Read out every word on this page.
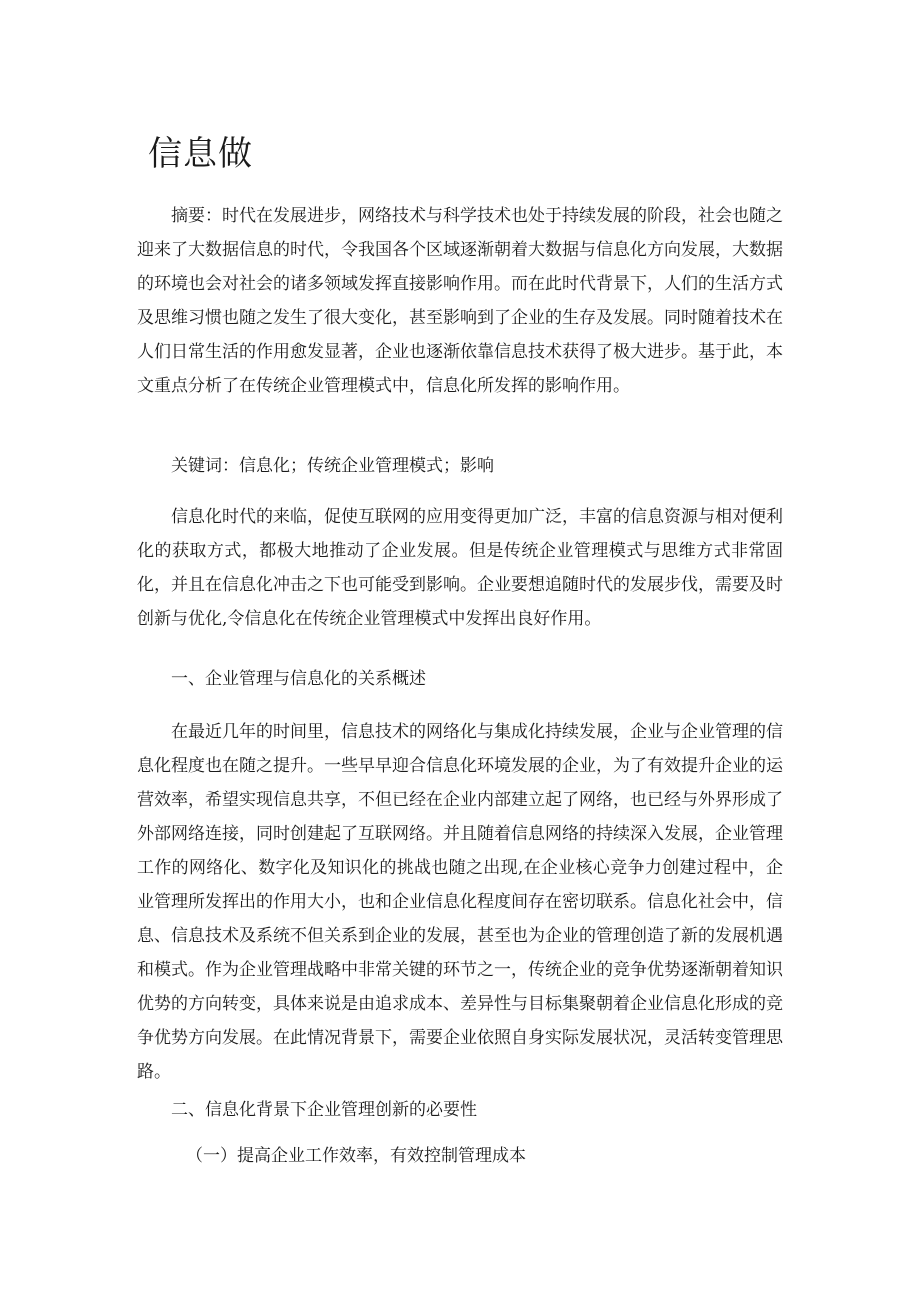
信息做

摘要：时代在发展进步，网络技术与科学技术也处于持续发展的阶段，社会也随之迎来了大数据信息的时代，令我国各个区域逐渐朝着大数据与信息化方向发展，大数据的环境也会对社会的诸多领域发挥直接影响作用。而在此时代背景下，人们的生活方式及思维习惯也随之发生了很大变化，甚至影响到了企业的生存及发展。同时随着技术在人们日常生活的作用愈发显著，企业也逐渐依靠信息技术获得了极大进步。基于此，本文重点分析了在传统企业管理模式中，信息化所发挥的影响作用。

关键词：信息化；传统企业管理模式；影响

信息化时代的来临，促使互联网的应用变得更加广泛，丰富的信息资源与相对便利化的获取方式，都极大地推动了企业发展。但是传统企业管理模式与思维方式非常固化，并且在信息化冲击之下也可能受到影响。企业要想追随时代的发展步伐，需要及时创新与优化,令信息化在传统企业管理模式中发挥出良好作用。

一、企业管理与信息化的关系概述

在最近几年的时间里，信息技术的网络化与集成化持续发展，企业与企业管理的信息化程度也在随之提升。一些早早迎合信息化环境发展的企业，为了有效提升企业的运营效率，希望实现信息共享，不但已经在企业内部建立起了网络，也已经与外界形成了外部网络连接，同时创建起了互联网络。并且随着信息网络的持续深入发展，企业管理工作的网络化、数字化及知识化的挑战也随之出现,在企业核心竞争力创建过程中，企业管理所发挥出的作用大小，也和企业信息化程度间存在密切联系。信息化社会中，信息、信息技术及系统不但关系到企业的发展，甚至也为企业的管理创造了新的发展机遇和模式。作为企业管理战略中非常关键的环节之一，传统企业的竞争优势逐渐朝着知识优势的方向转变，具体来说是由追求成本、差异性与目标集聚朝着企业信息化形成的竞争优势方向发展。在此情况背景下，需要企业依照自身实际发展状况，灵活转变管理思路。

二、信息化背景下企业管理创新的必要性

（一）提高企业工作效率，有效控制管理成本
